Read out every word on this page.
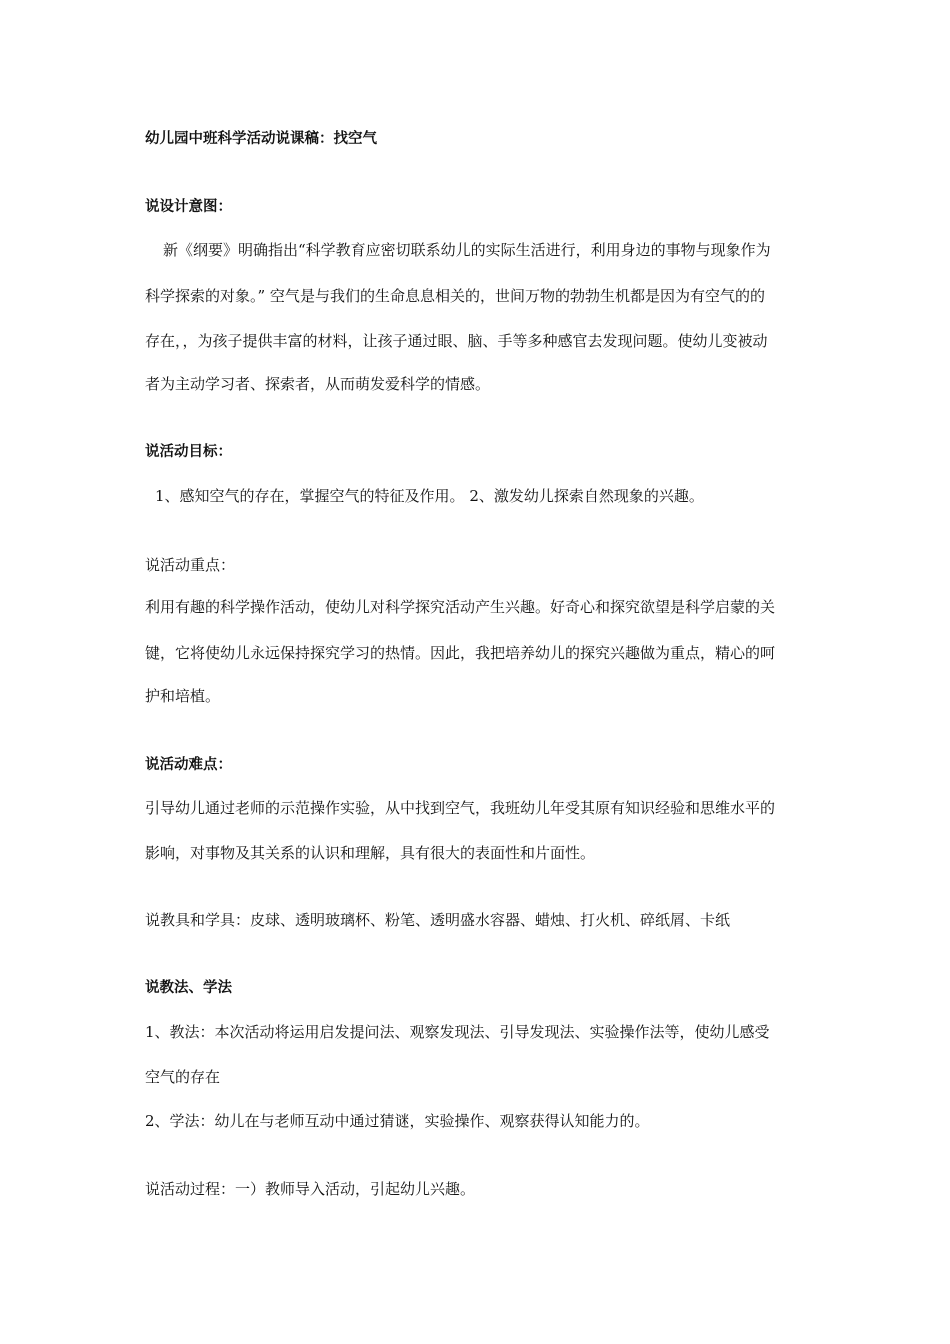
幼儿园中班科学活动说课稿：找空气
说设计意图：
新《纲要》明确指出“科学教育应密切联系幼儿的实际生活进行，利用身边的事物与现象作为
科学探索的对象。” 空气是与我们的生命息息相关的，世间万物的勃勃生机都是因为有空气的的
存在，，为孩子提供丰富的材料，让孩子通过眼、脑、手等多种感官去发现问题。使幼儿变被动
者为主动学习者、探索者，从而萌发爱科学的情感。
说活动目标：
1、感知空气的存在，掌握空气的特征及作用。 2、激发幼儿探索自然现象的兴趣。
说活动重点：
利用有趣的科学操作活动，使幼儿对科学探究活动产生兴趣。好奇心和探究欲望是科学启蒙的关
键，它将使幼儿永远保持探究学习的热情。因此，我把培养幼儿的探究兴趣做为重点，精心的呵
护和培植。
说活动难点：
引导幼儿通过老师的示范操作实验，从中找到空气，我班幼儿年受其原有知识经验和思维水平的
影响，对事物及其关系的认识和理解，具有很大的表面性和片面性。
说教具和学具：皮球、透明玻璃杯、粉笔、透明盛水容器、蜡烛、打火机、碎纸屑、卡纸
说教法、学法
1、教法：本次活动将运用启发提问法、观察发现法、引导发现法、实验操作法等，使幼儿感受
空气的存在
2、学法：幼儿在与老师互动中通过猜谜，实验操作、观察获得认知能力的。
说活动过程：一）教师导入活动，引起幼儿兴趣。
